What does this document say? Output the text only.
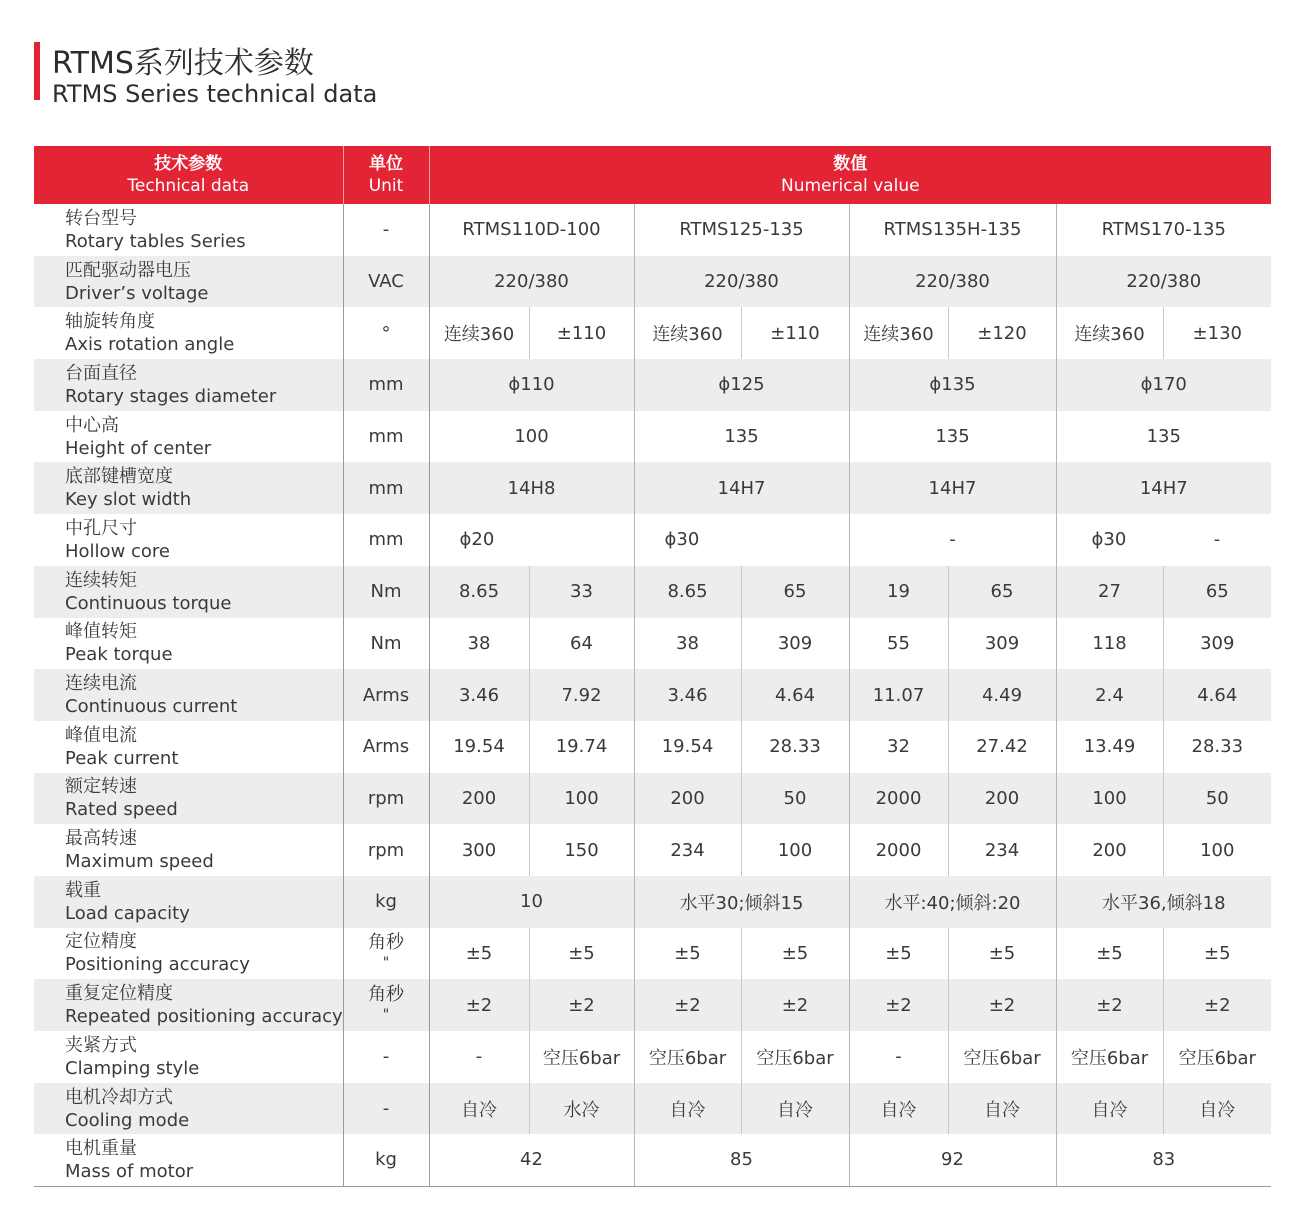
RTMS系列技术参数
RTMS Series technical data
技术参数
Technical data	单位
Unit	数值
Numerical value							

转台型号
Rotary tables Series	-	RTMS110D-100		RTMS125-135		RTMS135H-135		RTMS170-135	

匹配驱动器电压
Driver’s voltage	VAC	220/380		220/380		220/380		220/380	

轴旋转角度
Axis rotation angle	°	连续360	±110	连续360	±110	连续360	±120	连续360	±130

台面直径
Rotary stages diameter	mm	ϕ110		ϕ125		ϕ135		ϕ170	

中心高
Height of center	mm	100		135		135		135	

底部键槽宽度
Key slot width	mm	14H8		14H7		14H7		14H7	

中孔尺寸
Hollow core	mm	ϕ20		ϕ30		-		ϕ30	-

连续转矩
Continuous torque	Nm	8.65	33	8.65	65	19	65	27	65

峰值转矩
Peak torque	Nm	38	64	38	309	55	309	118	309

连续电流
Continuous current	Arms	3.46	7.92	3.46	4.64	11.07	4.49	2.4	4.64

峰值电流
Peak current	Arms	19.54	19.74	19.54	28.33	32	27.42	13.49	28.33

额定转速
Rated speed	rpm	200	100	200	50	2000	200	100	50

最高转速
Maximum speed	rpm	300	150	234	100	2000	234	200	100

载重
Load capacity	kg	10		水平30;倾斜15		水平:40;倾斜:20		水平36,倾斜18	

定位精度
Positioning accuracy	角秒
"	±5	±5	±5	±5	±5	±5	±5	±5

重复定位精度
Repeated positioning accuracy	角秒
"	±2	±2	±2	±2	±2	±2	±2	±2

夹紧方式
Clamping style	-	-	空压6bar	空压6bar	空压6bar	-	空压6bar	空压6bar	空压6bar

电机冷却方式
Cooling mode	-	自冷	水冷	自冷	自冷	自冷	自冷	自冷	自冷

电机重量
Mass of motor	kg	42		85		92		83	
